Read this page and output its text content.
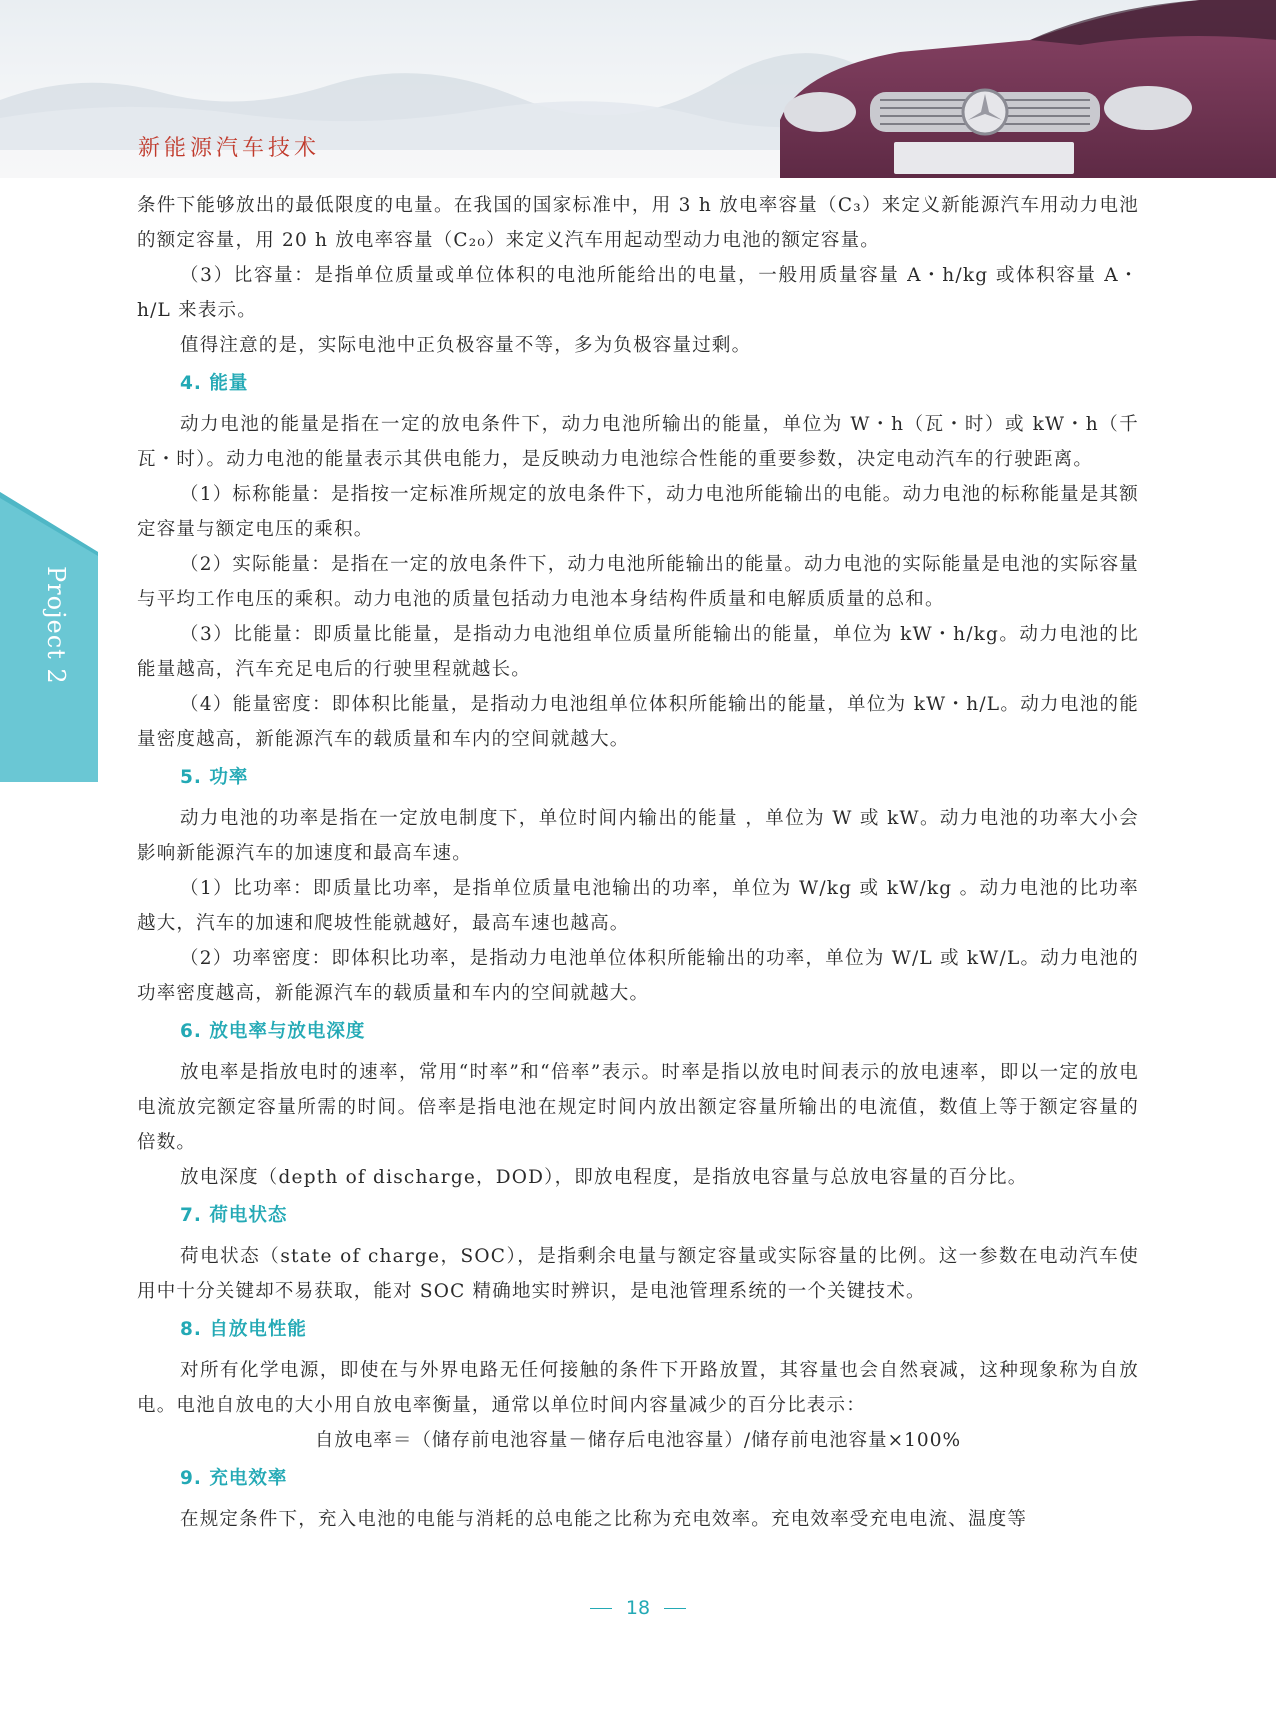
新能源汽车技术
Project 2

条件下能够放出的最低限度的电量。在我国的国家标准中，用 3 h 放电率容量（C₃）来定义新能源汽车用动力电池的额定容量，用 20 h 放电率容量（C₂₀）来定义汽车用起动型动力电池的额定容量。

（3）比容量：是指单位质量或单位体积的电池所能给出的电量，一般用质量容量 A・h/kg 或体积容量 A・h/L 来表示。

值得注意的是，实际电池中正负极容量不等，多为负极容量过剩。

4. 能量

动力电池的能量是指在一定的放电条件下，动力电池所输出的能量，单位为 W・h（瓦・时）或 kW・h（千瓦・时）。动力电池的能量表示其供电能力，是反映动力电池综合性能的重要参数，决定电动汽车的行驶距离。

（1）标称能量：是指按一定标准所规定的放电条件下，动力电池所能输出的电能。动力电池的标称能量是其额定容量与额定电压的乘积。

（2）实际能量：是指在一定的放电条件下，动力电池所能输出的能量。动力电池的实际能量是电池的实际容量与平均工作电压的乘积。动力电池的质量包括动力电池本身结构件质量和电解质质量的总和。

（3）比能量：即质量比能量，是指动力电池组单位质量所能输出的能量，单位为 kW・h/kg。动力电池的比能量越高，汽车充足电后的行驶里程就越长。

（4）能量密度：即体积比能量，是指动力电池组单位体积所能输出的能量，单位为 kW・h/L。动力电池的能量密度越高，新能源汽车的载质量和车内的空间就越大。

5. 功率

动力电池的功率是指在一定放电制度下，单位时间内输出的能量 ，单位为 W 或 kW。动力电池的功率大小会影响新能源汽车的加速度和最高车速。

（1）比功率：即质量比功率，是指单位质量电池输出的功率，单位为 W/kg 或 kW/kg 。动力电池的比功率越大，汽车的加速和爬坡性能就越好，最高车速也越高。

（2）功率密度：即体积比功率，是指动力电池单位体积所能输出的功率，单位为 W/L 或 kW/L。动力电池的功率密度越高，新能源汽车的载质量和车内的空间就越大。

6. 放电率与放电深度

放电率是指放电时的速率，常用“时率”和“倍率”表示。时率是指以放电时间表示的放电速率，即以一定的放电电流放完额定容量所需的时间。倍率是指电池在规定时间内放出额定容量所输出的电流值，数值上等于额定容量的倍数。

放电深度（depth of discharge，DOD），即放电程度，是指放电容量与总放电容量的百分比。

7. 荷电状态

荷电状态（state of charge，SOC），是指剩余电量与额定容量或实际容量的比例。这一参数在电动汽车使用中十分关键却不易获取，能对 SOC 精确地实时辨识，是电池管理系统的一个关键技术。

8. 自放电性能

对所有化学电源，即使在与外界电路无任何接触的条件下开路放置，其容量也会自然衰减，这种现象称为自放电。电池自放电的大小用自放电率衡量，通常以单位时间内容量减少的百分比表示：

自放电率＝（储存前电池容量－储存后电池容量）/储存前电池容量×100%
9. 充电效率

在规定条件下，充入电池的电能与消耗的总电能之比称为充电效率。充电效率受充电电流、温度等

18
